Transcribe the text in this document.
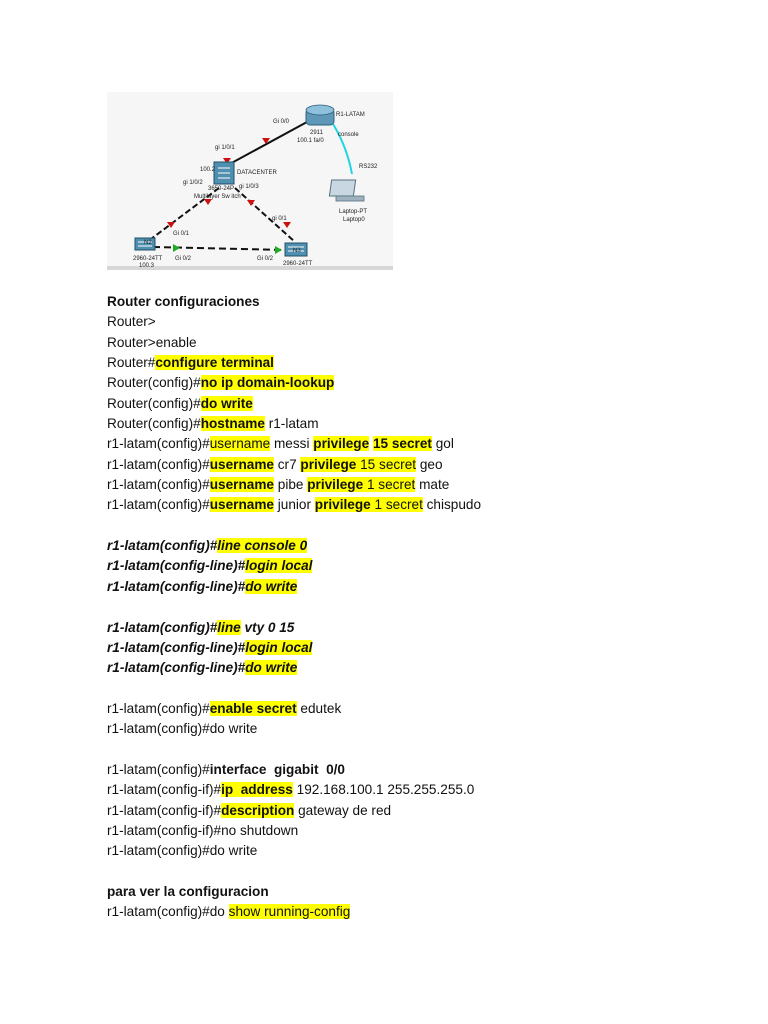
R1-LATAM
Gi 0/0
2911
100.1 fa/0
console
RS232
Laptop-PT
Laptop0
100.2	DATACENTER
3650-24P
Multilayer Sw itch
gi 1/0/1
gi 1/0/2
gi 1/0/3
gi 0/1
Gi 0/1
Gi 0/2	Gi 0/2
N2
2960-24TT
100.3
N3
2960-24TT
Router configuraciones
Router>
Router>enable
Router#configure terminal
Router(config)#no ip domain-lookup
Router(config)#do write
Router(config)#hostname r1-latam
r1-latam(config)#username messi privilege 15 secret gol
r1-latam(config)#username cr7 privilege 15 secret geo
r1-latam(config)#username pibe privilege 1 secret mate
r1-latam(config)#username junior privilege 1 secret chispudo
r1-latam(config)#line console 0
r1-latam(config-line)#login local
r1-latam(config-line)#do write
r1-latam(config)#line vty 0 15
r1-latam(config-line)#login local
r1-latam(config-line)#do write
r1-latam(config)#enable secret edutek
r1-latam(config)#do write
r1-latam(config)#interface  gigabit  0/0
r1-latam(config-if)#ip  address 192.168.100.1 255.255.255.0
r1-latam(config-if)#description gateway de red
r1-latam(config-if)#no shutdown
r1-latam(config)#do write
para ver la configuracion
r1-latam(config)#do show running-config
